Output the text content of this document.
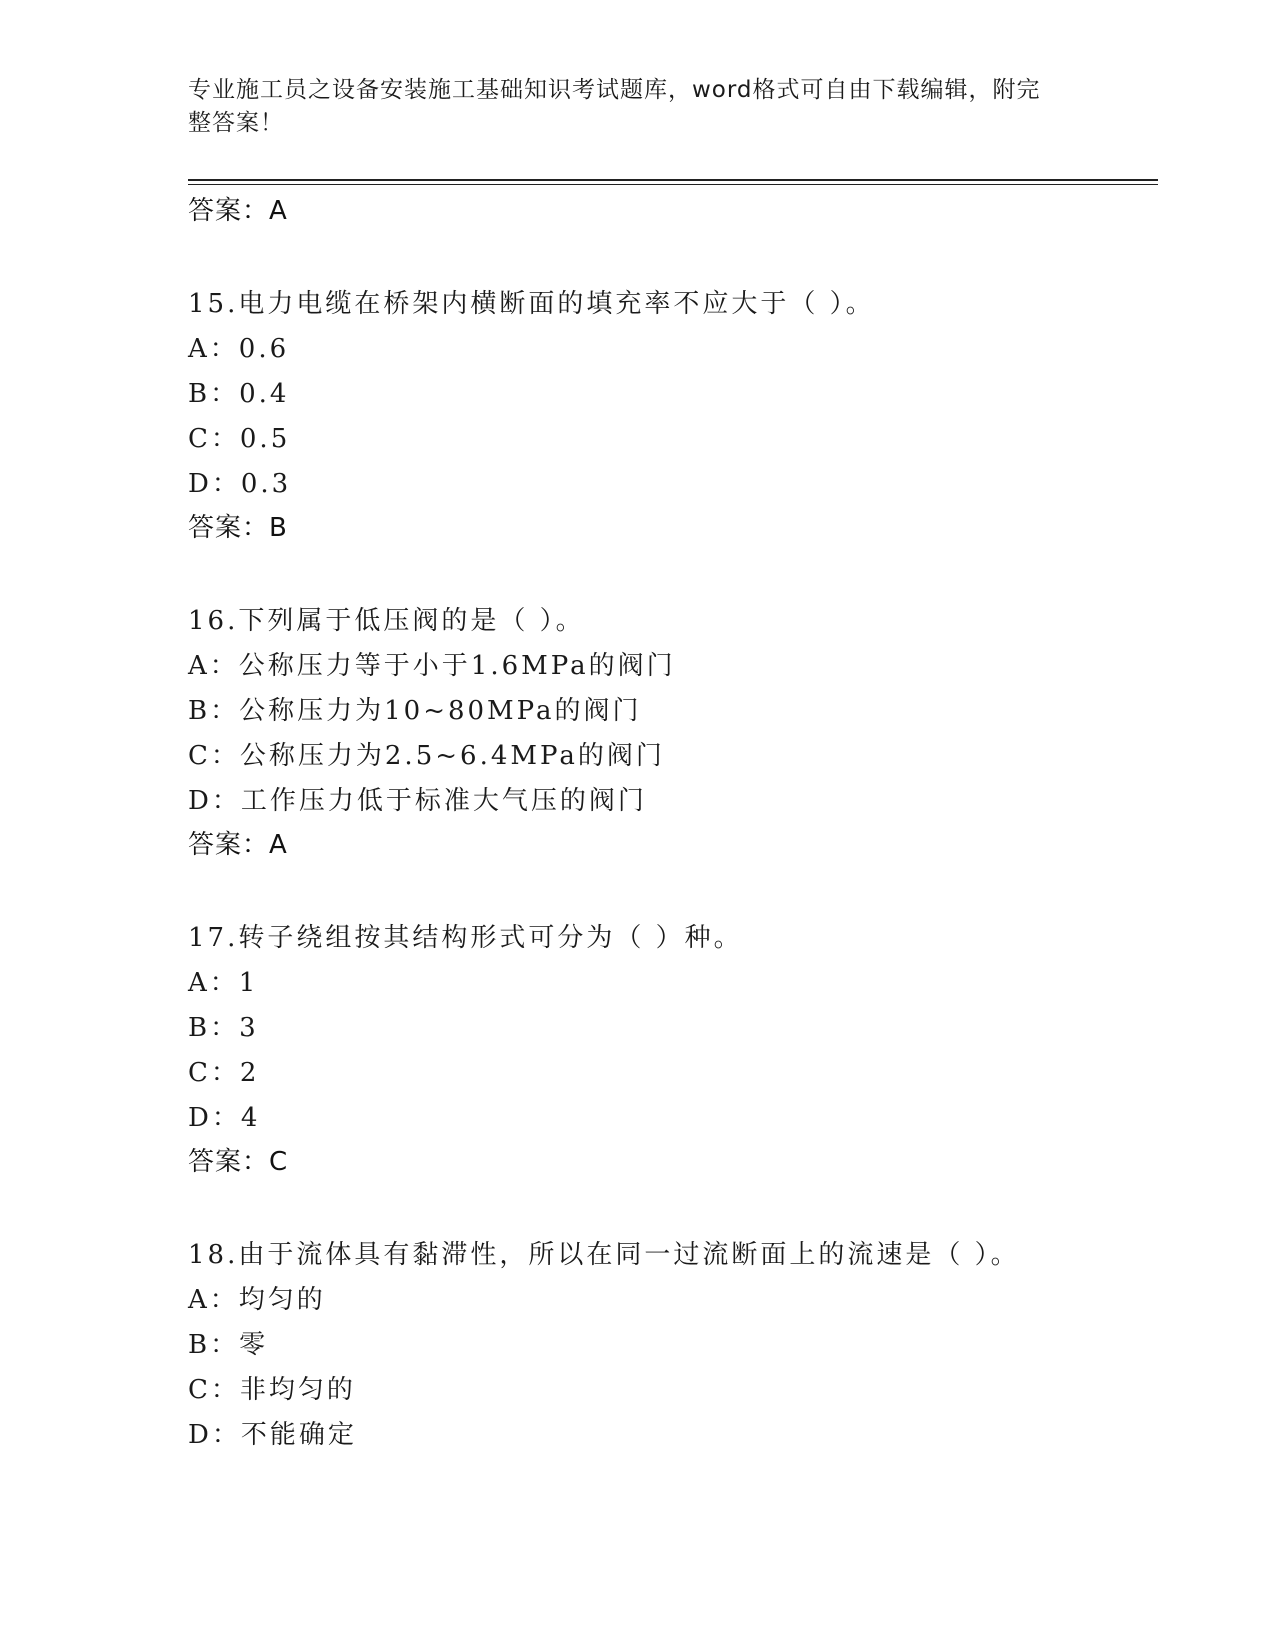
专业施工员之设备安装施工基础知识考试题库，word格式可自由下载编辑，附完
整答案！
答案：A
15.电力电缆在桥架内横断面的填充率不应大于（ ）。
A：0.6
B：0.4
C：0.5
D：0.3
答案：B
16.下列属于低压阀的是（ ）。
A：公称压力等于小于1.6MPa的阀门
B：公称压力为10~80MPa的阀门
C：公称压力为2.5~6.4MPa的阀门
D：工作压力低于标准大气压的阀门
答案：A
17.转子绕组按其结构形式可分为（ ）种。
A：1
B：3
C：2
D：4
答案：C
18.由于流体具有黏滞性，所以在同一过流断面上的流速是（ ）。
A：均匀的
B：零
C：非均匀的
D：不能确定
